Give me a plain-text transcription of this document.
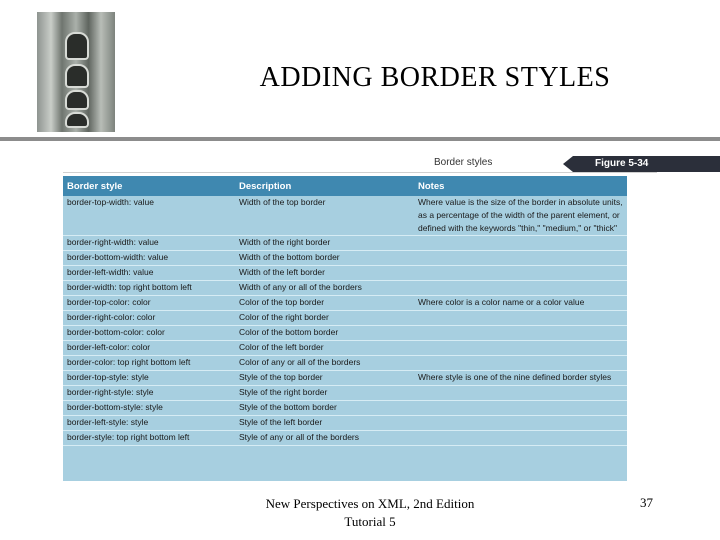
ADDING BORDER STYLES
Border styles	Figure 5-34
Border style	Description	Notes
border-top-width: value	Width of the top border	Where value is the size of the border in absolute units, as a percentage of the width of the parent element, or defined with the keywords "thin," "medium," or "thick"
border-right-width: value	Width of the right border	
border-bottom-width: value	Width of the bottom border	
border-left-width: value	Width of the left border	
border-width: top right bottom left	Width of any or all of the borders	
border-top-color: color	Color of the top border	Where color is a color name or a color value
border-right-color: color	Color of the right border	
border-bottom-color: color	Color of the bottom border	
border-left-color: color	Color of the left border	
border-color: top right bottom left	Color of any or all of the borders	
border-top-style: style	Style of the top border	Where style is one of the nine defined border styles
border-right-style: style	Style of the right border	
border-bottom-style: style	Style of the bottom border	
border-left-style: style	Style of the left border	
border-style: top right bottom left	Style of any or all of the borders	
New Perspectives on XML, 2nd Edition
Tutorial 5
37
